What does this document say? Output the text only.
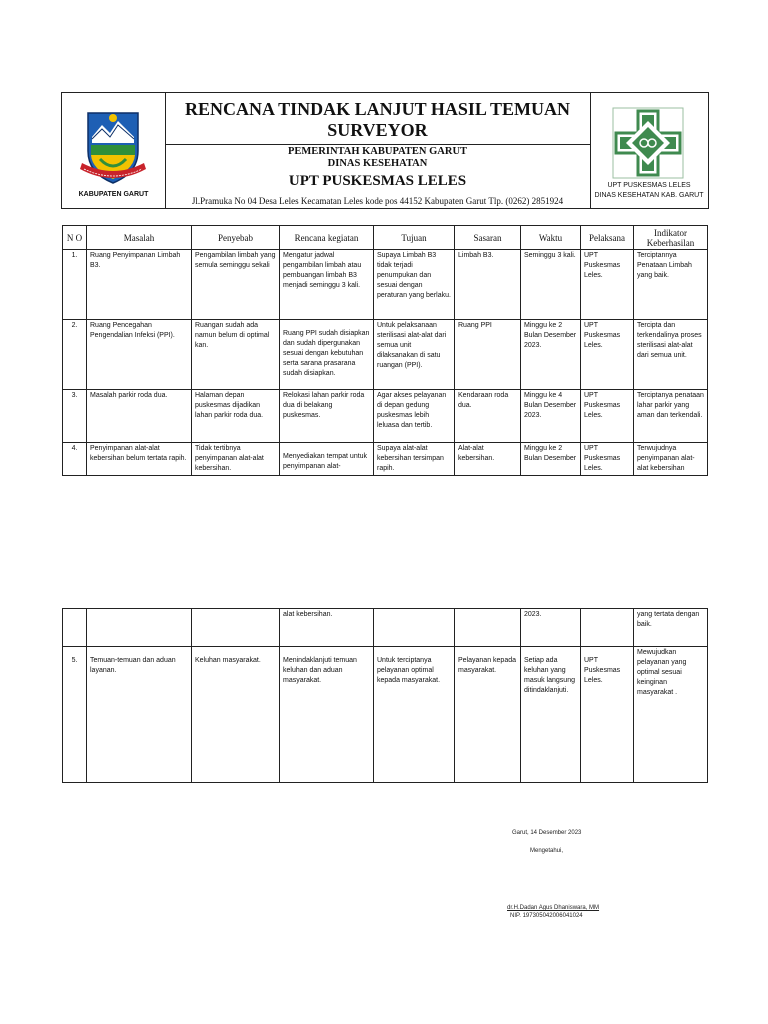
KABUPATEN GARUT
RENCANA TINDAK LANJUT HASIL TEMUAN
SURVEYOR
PEMERINTAH KABUPATEN GARUT
DINAS KESEHATAN
UPT PUSKESMAS LELES
Jl.Pramuka No 04 Desa Leles Kecamatan Leles kode pos 44152 Kabupaten Garut Tlp. (0262) 2851924
UPT PUSKESMAS LELES
DINAS KESEHATAN KAB. GARUT
N O	Masalah	Penyebab	Rencana kegiatan	Tujuan	Sasaran	Waktu	Pelaksana	Indikator Keberhasilan

1.	Ruang Penyimpanan Limbah B3.	Pengambilan limbah yang semula seminggu sekali	Mengatur jadwal pengambilan limbah atau pembuangan limbah B3 menjadi seminggu 3 kali.	Supaya Limbah B3 tidak terjadi penumpukan dan sesuai dengan peraturan yang berlaku.	Limbah B3.	Seminggu 3 kali.	UPT Puskesmas Leles.	Terciptannya Penataan Limbah yang baik.

2.	Ruang Pencegahan Pengendalian Infeksi (PPI).	Ruangan sudah ada namun belum di optimal kan.	Ruang PPI sudah disiapkan dan sudah dipergunakan sesuai dengan kebutuhan serta sarana prasarana sudah disiapkan.	Untuk pelaksanaan sterilisasi alat-alat dari semua unit dilaksanakan di satu ruangan (PPI).	Ruang PPI	Minggu ke 2 Bulan Desember 2023.	UPT Puskesmas Leles.	Tercipta dan terkendalinya proses sterilisasi alat-alat dari semua unit.

3.	Masalah parkir roda dua.	Halaman depan puskesmas dijadikan lahan parkir roda dua.	Relokasi lahan parkir roda dua di belakang puskesmas.	Agar akses pelayanan di depan gedung puskesmas lebih leluasa dan tertib.	Kendaraan roda dua.	Minggu ke 4 Bulan Desember 2023.	UPT Puskesmas Leles.	Terciptanya penataan lahar parkir yang aman dan terkendali.

4.	Penyimpanan alat-alat kebersihan belum tertata rapih.	Tidak tertibnya penyimpanan alat-alat kebersihan.	Menyediakan tempat untuk penyimpanan alat-	Supaya alat-alat kebersihan tersimpan rapih.	Alat-alat kebersihan.	Minggu ke 2 Bulan Desember	UPT Puskesmas Leles.	Terwujudnya penyimpanan alat-alat kebersihan

			alat kebersihan.			2023.		yang tertata dengan baik.

5.	Temuan-temuan dan aduan layanan.	Keluhan masyarakat.	Menindaklanjuti temuan keluhan dan aduan masyarakat.	Untuk terciptanya pelayanan optimal kepada masyarakat.	Pelayanan kepada masyarakat.	Setiap ada keluhan yang masuk langsung ditindaklanjuti.	UPT Puskesmas Leles.	Mewujudkan pelayanan yang optimal sesuai keinginan masyarakat .
Garut, 14 Desember 2023
Mengetahui,
dr.H.Dadan Agus Dhaniswara, MM
NIP. 197305042006041024
